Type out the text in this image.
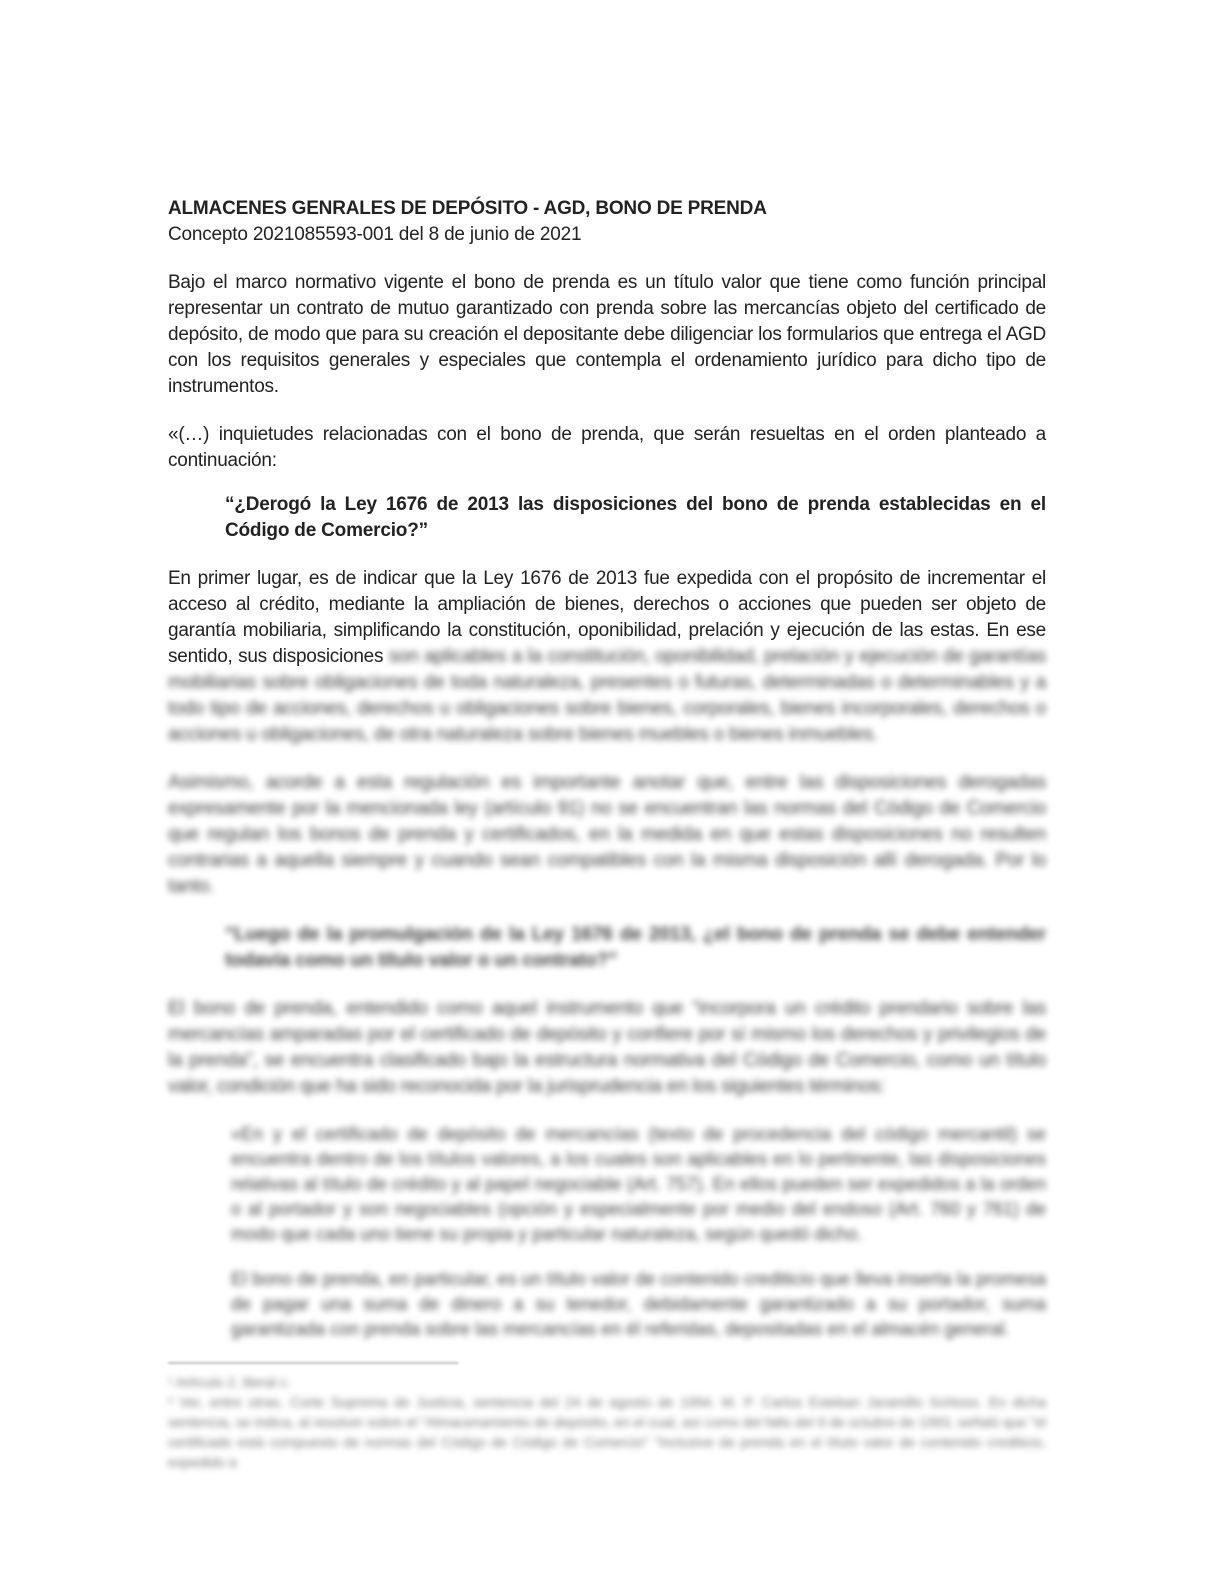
ALMACENES GENRALES DE DEPÓSITO - AGD, BONO DE PRENDA

Concepto 2021085593-001 del 8 de junio de 2021

Bajo el marco normativo vigente el bono de prenda es un título valor que tiene como función principal representar un contrato de mutuo garantizado con prenda sobre las mercancías objeto del certificado de depósito, de modo que para su creación el depositante debe diligenciar los formularios que entrega el AGD con los requisitos generales y especiales que contempla el ordenamiento jurídico para dicho tipo de instrumentos.

«(…) inquietudes relacionadas con el bono de prenda, que serán resueltas en el orden planteado a continuación:

“¿Derogó la Ley 1676 de 2013 las disposiciones del bono de prenda establecidas en el Código de Comercio?”

En primer lugar, es de indicar que la Ley 1676 de 2013 fue expedida con el propósito de incrementar el acceso al crédito, mediante la ampliación de bienes, derechos o acciones que pueden ser objeto de garantía mobiliaria, simplificando la constitución, oponibilidad, prelación y ejecución de las estas. En ese sentido, sus disposiciones son aplicables a la constitución, oponibilidad, prelación y ejecución de garantías mobiliarias sobre obligaciones de toda naturaleza, presentes o futuras, determinadas o determinables y a todo tipo de acciones, derechos u obligaciones sobre bienes, corporales, bienes incorporales, derechos o acciones u obligaciones, de otra naturaleza sobre bienes muebles o bienes inmuebles.

Asimismo, acorde a esta regulación es importante anotar que, entre las disposiciones derogadas expresamente por la mencionada ley (artículo 91) no se encuentran las normas del Código de Comercio que regulan los bonos de prenda y certificados, en la medida en que estas disposiciones no resulten contrarias a aquella siempre y cuando sean compatibles con la misma disposición allí derogada. Por lo tanto.

“Luego de la promulgación de la Ley 1676 de 2013, ¿el bono de prenda se debe entender todavía como un título valor o un contrato?”

El bono de prenda, entendido como aquel instrumento que “incorpora un crédito prendario sobre las mercancías amparadas por el certificado de depósito y confiere por sí mismo los derechos y privilegios de la prenda”, se encuentra clasificado bajo la estructura normativa del Código de Comercio, como un título valor, condición que ha sido reconocida por la jurisprudencia en los siguientes términos:

«En y el certificado de depósito de mercancías (texto de procedencia del código mercantil) se encuentra dentro de los títulos valores, a los cuales son aplicables en lo pertinente, las disposiciones relativas al título de crédito y al papel negociable (Art. 757). En ellos pueden ser expedidos a la orden o al portador y son negociables (opción y especialmente por medio del endoso (Art. 760 y 761) de modo que cada uno tiene su propia y particular naturaleza, según quedó dicho.

El bono de prenda, en particular, es un título valor de contenido crediticio que lleva inserta la promesa de pagar una suma de dinero a su tenedor, debidamente garantizado a su portador, suma garantizada con prenda sobre las mercancías en él referidas, depositadas en el almacén general.

¹ Artículo 2, literal c.

² Ver, entre otras, Corte Suprema de Justicia, sentencia del 24 de agosto de 1994. M. P. Carlos Esteban Jaramillo Schloss. En dicha sentencia, se indica, al resolver sobre el "Almacenamiento de depósito, en el cual, así como del fallo del 9 de octubre de 1993, señaló que "el certificado está compuesto de normas del Código de Código de Comercio" "Inclusive de prenda en el título valor de contenido crediticio, expedido a
